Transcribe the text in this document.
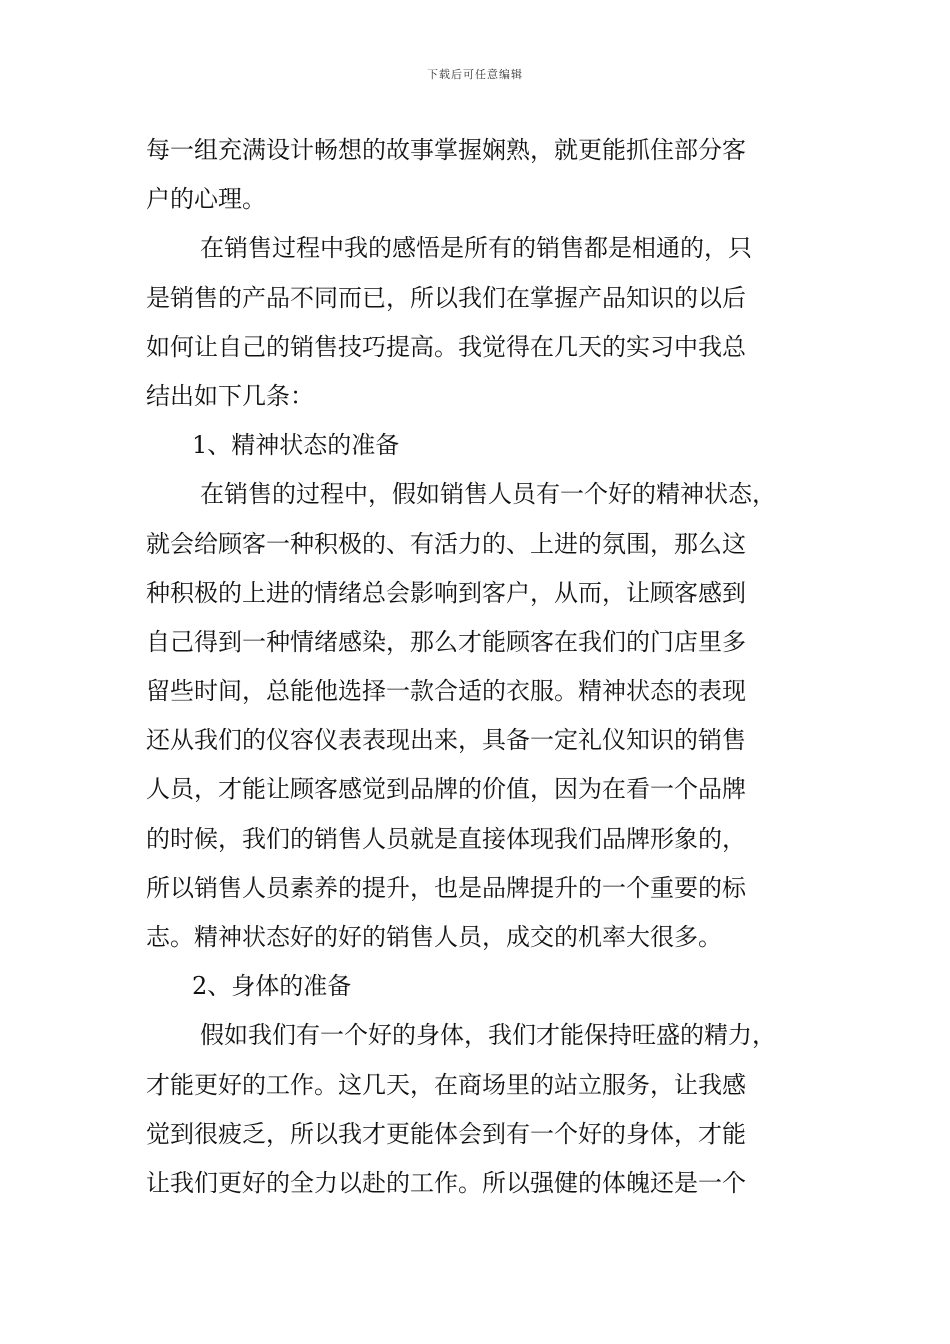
下载后可任意编辑
每一组充满设计畅想的故事掌握娴熟，就更能抓住部分客
户的心理。
在销售过程中我的感悟是所有的销售都是相通的，只
是销售的产品不同而已，所以我们在掌握产品知识的以后
如何让自己的销售技巧提高。我觉得在几天的实习中我总
结出如下几条：
1、精神状态的准备
在销售的过程中，假如销售人员有一个好的精神状态，
就会给顾客一种积极的、有活力的、上进的氛围，那么这
种积极的上进的情绪总会影响到客户，从而，让顾客感到
自己得到一种情绪感染，那么才能顾客在我们的门店里多
留些时间，总能他选择一款合适的衣服。精神状态的表现
还从我们的仪容仪表表现出来，具备一定礼仪知识的销售
人员，才能让顾客感觉到品牌的价值，因为在看一个品牌
的时候，我们的销售人员就是直接体现我们品牌形象的，
所以销售人员素养的提升，也是品牌提升的一个重要的标
志。精神状态好的好的销售人员，成交的机率大很多。
2、身体的准备
假如我们有一个好的身体，我们才能保持旺盛的精力，
才能更好的工作。这几天，在商场里的站立服务，让我感
觉到很疲乏，所以我才更能体会到有一个好的身体，才能
让我们更好的全力以赴的工作。所以强健的体魄还是一个
